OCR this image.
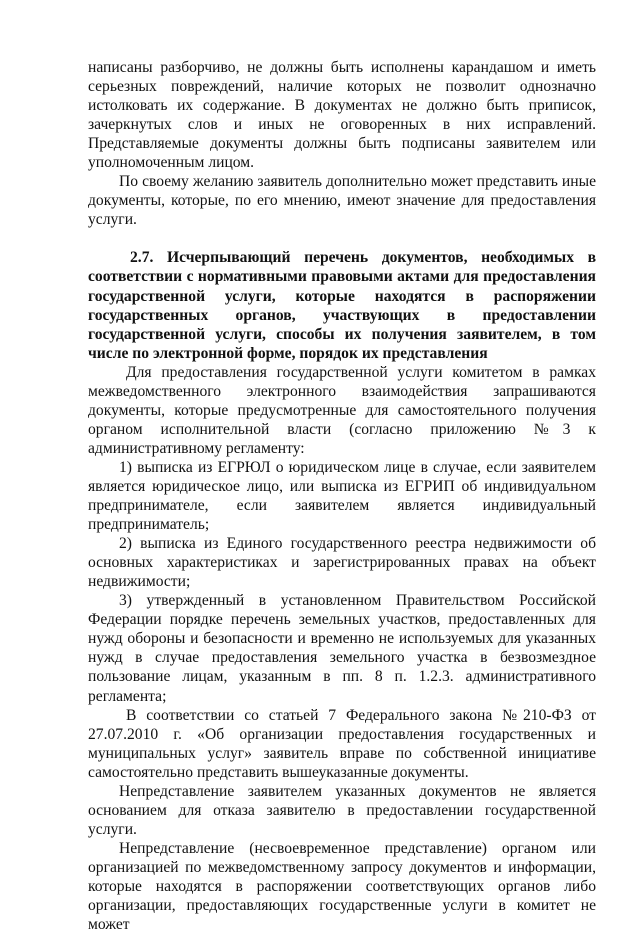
написаны разборчиво, не должны быть исполнены карандашом и иметь серьезных повреждений, наличие которых не позволит однозначно истолковать их содержание. В документах не должно быть приписок, зачеркнутых слов и иных не оговоренных в них исправлений. Представляемые документы должны быть подписаны заявителем или уполномоченным лицом.

По своему желанию заявитель дополнительно может представить иные документы, которые, по его мнению, имеют значение для предоставления услуги.

2.7. Исчерпывающий перечень документов, необходимых в соответствии с нормативными правовыми актами для предоставления государственной услуги, которые находятся в распоряжении государственных органов, участвующих в предоставлении государственной услуги, способы их получения заявителем, в том числе по электронной форме, порядок их представления

Для предоставления государственной услуги комитетом в рамках межведомственного электронного взаимодействия запрашиваются документы, которые предусмотренные для самостоятельного получения органом исполнительной власти (согласно приложению №3 к административному регламенту:

1) выписка из ЕГРЮЛ о юридическом лице в случае, если заявителем является юридическое лицо, или выписка из ЕГРИП об индивидуальном предпринимателе, если заявителем является индивидуальный предприниматель;

2) выписка из Единого государственного реестра недвижимости об основных характеристиках и зарегистрированных правах на объект недвижимости;

3) утвержденный в установленном Правительством Российской Федерации порядке перечень земельных участков, предоставленных для нужд обороны и безопасности и временно не используемых для указанных нужд в случае предоставления земельного участка в безвозмездное пользование лицам, указанным в пп. 8 п. 1.2.3. административного регламента;

В соответствии со статьей 7 Федерального закона №210-ФЗ от 27.07.2010 г. «Об организации предоставления государственных и муниципальных услуг» заявитель вправе по собственной инициативе самостоятельно представить вышеуказанные документы.

Непредставление заявителем указанных документов не является основанием для отказа заявителю в предоставлении государственной услуги.

Непредставление (несвоевременное представление) органом или организацией по межведомственному запросу документов и информации, которые находятся в распоряжении соответствующих органов либо организации, предоставляющих государственные услуги в комитет не может
